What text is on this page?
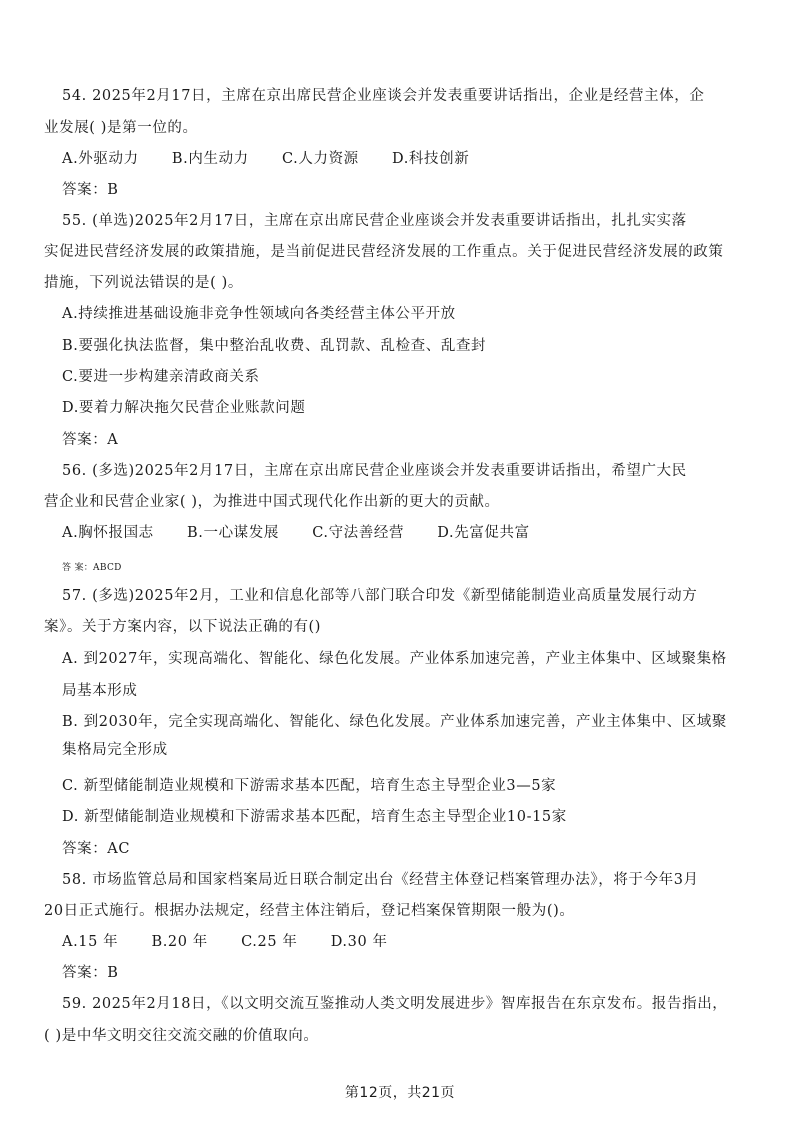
54. 2025年2月17日，主席在京出席民营企业座谈会并发表重要讲话指出，企业是经营主体，企
业发展( )是第一位的。
A.外驱动力 B.内生动力 C.人力资源 D.科技创新
答案：B
55. (单选)2025年2月17日，主席在京出席民营企业座谈会并发表重要讲话指出，扎扎实实落
实促进民营经济发展的政策措施，是当前促进民营经济发展的工作重点。关于促进民营经济发展的政策
措施，下列说法错误的是( )。
A.持续推进基础设施非竞争性领域向各类经营主体公平开放
B.要强化执法监督，集中整治乱收费、乱罚款、乱检查、乱查封
C.要进一步构建亲清政商关系
D.要着力解决拖欠民营企业账款问题
答案：A
56. (多选)2025年2月17日，主席在京出席民营企业座谈会并发表重要讲话指出，希望广大民
营企业和民营企业家( )，为推进中国式现代化作出新的更大的贡献。
A.胸怀报国志 B.一心谋发展 C.守法善经营 D.先富促共富
答 案：ABCD
57. (多选)2025年2月，工业和信息化部等八部门联合印发《新型储能制造业高质量发展行动方
案》。关于方案内容，以下说法正确的有()
A. 到2027年，实现高端化、智能化、绿色化发展。产业体系加速完善，产业主体集中、区域聚集格
局基本形成
B. 到2030年，完全实现高端化、智能化、绿色化发展。产业体系加速完善，产业主体集中、区域聚
集格局完全形成
C. 新型储能制造业规模和下游需求基本匹配，培育生态主导型企业3—5家
D. 新型储能制造业规模和下游需求基本匹配，培育生态主导型企业10-15家
答案：AC
58. 市场监管总局和国家档案局近日联合制定出台《经营主体登记档案管理办法》，将于今年3月
20日正式施行。根据办法规定，经营主体注销后，登记档案保管期限一般为()。
A.15 年 B.20 年 C.25 年 D.30 年
答案：B
59. 2025年2月18日，《以文明交流互鉴推动人类文明发展进步》智库报告在东京发布。报告指出，
( )是中华文明交往交流交融的价值取向。
第12页，共21页
